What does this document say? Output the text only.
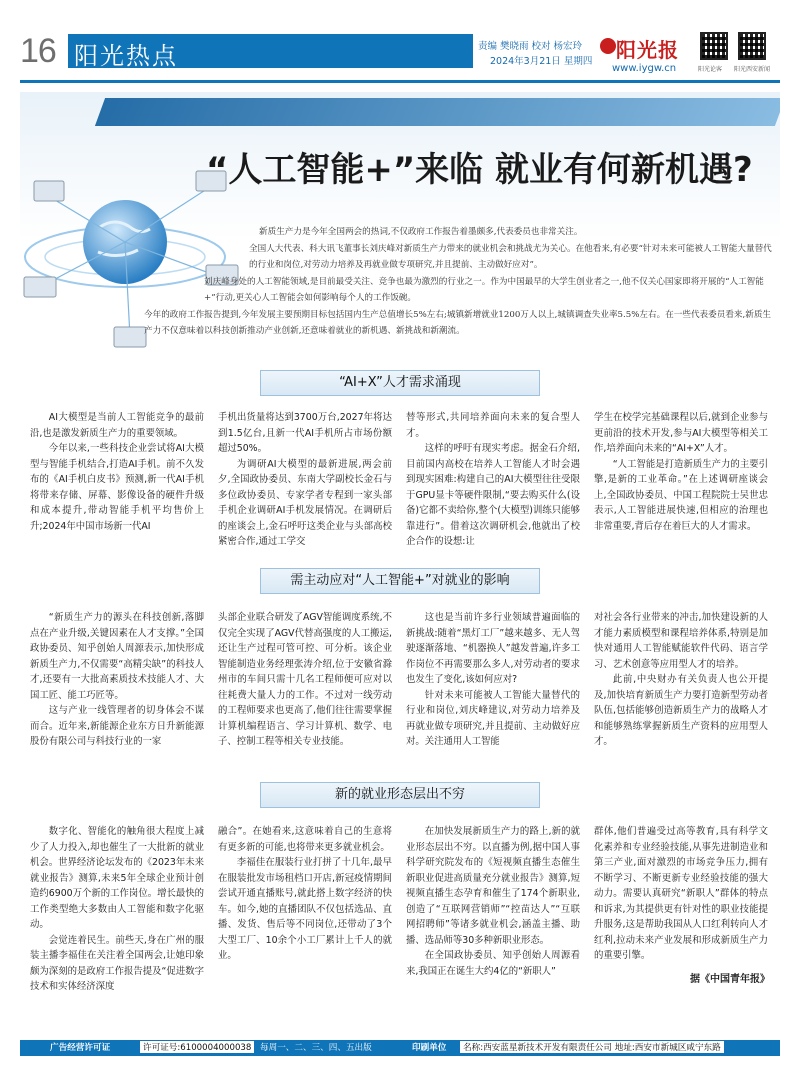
16 阳光热点	责编 樊晓雨 校对 杨宏玲
2024年3月21日 星期四 阳光报
www.iygw.cn	阳光论客 阳光西安新闻
“人工智能+”来临 就业有何新机遇?

新质生产力是今年全国两会的热词,不仅政府工作报告着墨颇多,代表委员也非常关注。

全国人大代表、科大讯飞董事长刘庆峰对新质生产力带来的就业机会和挑战尤为关心。在他看来,有必要“针对未来可能被人工智能大量替代的行业和岗位,对劳动力培养及再就业做专项研究,并且提前、主动做好应对”。

刘庆峰身处的人工智能领域,是目前最受关注、竞争也最为激烈的行业之一。作为中国最早的大学生创业者之一,他不仅关心国家即将开展的“人工智能+”行动,更关心人工智能会如何影响每个人的工作饭碗。

今年的政府工作报告提到,今年发展主要预期目标包括国内生产总值增长5%左右;城镇新增就业1200万人以上,城镇调查失业率5.5%左右。在一些代表委员看来,新质生产力不仅意味着以科技创新推动产业创新,还意味着就业的新机遇、新挑战和新潮流。

“AI+X”人才需求涌现

AI大模型是当前人工智能竞争的最前沿,也是激发新质生产力的重要领域。

今年以来,一些科技企业尝试将AI大模型与智能手机结合,打造AI手机。前不久发布的《AI手机白皮书》预测,新一代AI手机将带来存储、屏幕、影像设备的硬件升级和成本提升,带动智能手机平均售价上升;2024年中国市场新一代AI

手机出货量将达到3700万台,2027年将达到1.5亿台,且新一代AI手机所占市场份额超过50%。

为调研AI大模型的最新进展,两会前夕,全国政协委员、东南大学副校长金石与多位政协委员、专家学者专程到一家头部手机企业调研AI手机发展情况。在调研后的座谈会上,金石呼吁这类企业与头部高校紧密合作,通过工学交

替等形式,共同培养面向未来的复合型人才。

这样的呼吁有现实考虑。据金石介绍,目前国内高校在培养人工智能人才时会遇到现实困难:构建自己的AI大模型往往受限于GPU显卡等硬件限制,“要去购买什么(设备)它都不卖给你,整个(大模型)训练只能够靠进行”。借着这次调研机会,他就出了校企合作的设想:让

学生在校学完基础课程以后,就到企业参与更前沿的技术开发,参与AI大模型等相关工作,培养面向未来的“AI+X”人才。

“人工智能是打造新质生产力的主要引擎,是新的工业革命。”在上述调研座谈会上,全国政协委员、中国工程院院士吴世忠表示,人工智能进展快速,但相应的治理也非常重要,背后存在着巨大的人才需求。

需主动应对“人工智能+”对就业的影响

“新质生产力的源头在科技创新,落脚点在产业升级,关键因素在人才支撑。”全国政协委员、知乎创始人周源表示,加快形成新质生产力,不仅需要“高精尖缺”的科技人才,还要有一大批高素质技术技能人才、大国工匠、能工巧匠等。

这与产业一线管理者的切身体会不谋而合。近年来,新能源企业东方日升新能源股份有限公司与科技行业的一家

头部企业联合研发了AGV智能调度系统,不仅完全实现了AGV代替高强度的人工搬运,还让生产过程可管可控、可分析。该企业智能制造业务经理张涛介绍,位于安徽省滁州市的车间只需十几名工程师便可应对以往耗费大量人力的工作。不过对一线劳动的工程师要求也更高了,他们往往需要掌握计算机编程语言、学习计算机、数学、电子、控制工程等相关专业技能。

这也是当前许多行业领域普遍面临的新挑战:随着“黑灯工厂”越来越多、无人驾驶逐渐落地、“机器换人”越发普遍,许多工作岗位不再需要那么多人,对劳动者的要求也发生了变化,该如何应对?

针对未来可能被人工智能大量替代的行业和岗位,刘庆峰建议,对劳动力培养及再就业做专项研究,并且提前、主动做好应对。关注通用人工智能

对社会各行业带来的冲击,加快建设新的人才能力素质模型和课程培养体系,特别是加快对通用人工智能赋能软件代码、语言学习、艺术创意等应用型人才的培养。

此前,中央财办有关负责人也公开提及,加快培育新质生产力要打造新型劳动者队伍,包括能够创造新质生产力的战略人才和能够熟练掌握新质生产资料的应用型人才。

新的就业形态层出不穷

数字化、智能化的触角很大程度上减少了人力投入,却也催生了一大批新的就业机会。世界经济论坛发布的《2023年未来就业报告》测算,未来5年全球企业预计创造约6900万个新的工作岗位。增长最快的工作类型绝大多数由人工智能和数字化驱动。

会觉连着民生。前些天,身在广州的服装主播李福佳在关注着全国两会,让她印象颇为深刻的是政府工作报告提及“促进数字技术和实体经济深度

融合”。在她看来,这意味着自己的生意将有更多新的可能,也将带来更多就业机会。

李福佳在服装行业打拼了十几年,最早在服装批发市场租档口开店,新冠疫情期间尝试开通直播账号,就此搭上数字经济的快车。如今,她的直播团队不仅包括选品、直播、发货、售后等不同岗位,还带动了3个大型工厂、10余个小工厂累计上千人的就业。

在加快发展新质生产力的路上,新的就业形态层出不穷。以直播为例,据中国人事科学研究院发布的《短视频直播生态催生新职业促进高质量充分就业报告》测算,短视频直播生态孕育和催生了174个新职业,创造了“互联网营销师”“控苗达人”“互联网招聘师”等诸多就业机会,涵盖主播、助播、选品师等30多种新职业形态。

在全国政协委员、知乎创始人周源看来,我国正在诞生大约4亿的“新职人”

群体,他们普遍受过高等教育,具有科学文化素养和专业经验技能,从事先进制造业和第三产业,面对激烈的市场竞争压力,拥有不断学习、不断更新专业经验技能的强大动力。需要认真研究“新职人”群体的特点和诉求,为其提供更有针对性的职业技能提升服务,这是帮助我国从人口红利转向人才红利,拉动未来产业发展和形成新质生产力的重要引擎。

据《中国青年报》
广告经营许可证	许可证号:6100004000038	每周一、二、三、四、五出版	印刷单位	名称:西安蓝星新技术开发有限责任公司 地址:西安市新城区咸宁东路
